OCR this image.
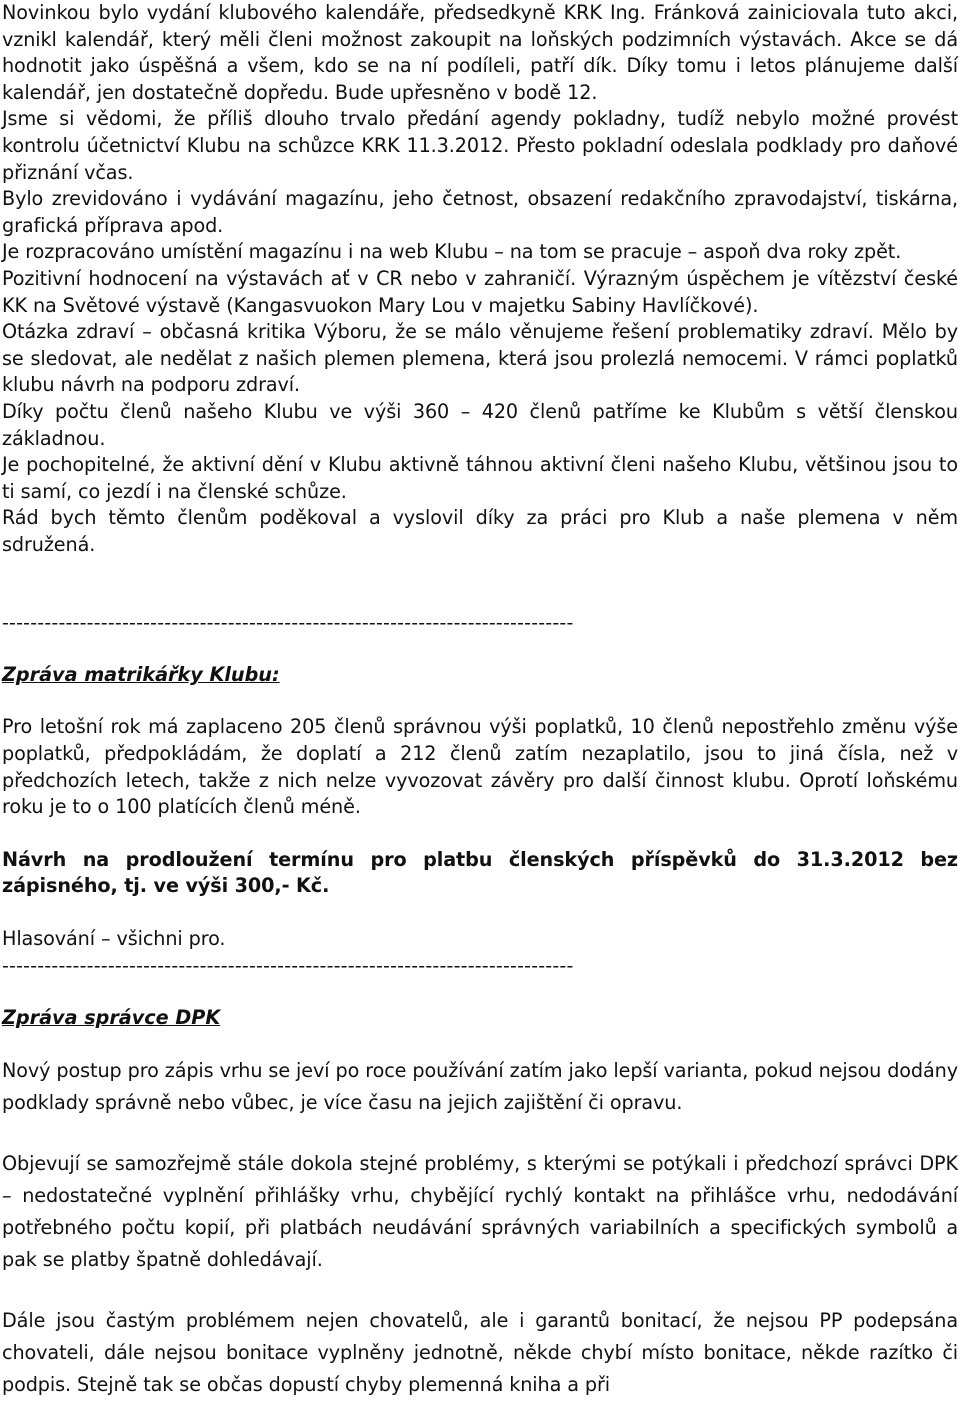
Novinkou bylo vydání klubového kalendáře, předsedkyně KRK Ing. Fránková zainiciovala tuto akci, vznikl kalendář, který měli členi možnost zakoupit na loňských podzimních výstavách. Akce se dá hodnotit jako úspěšná a všem, kdo se na ní podíleli, patří dík. Díky tomu i letos plánujeme další kalendář, jen dostatečně dopředu. Bude upřesněno v bodě 12.

Jsme si vědomi, že příliš dlouho trvalo předání agendy pokladny, tudíž nebylo možné provést kontrolu účetnictví Klubu na schůzce KRK 11.3.2012. Přesto pokladní odeslala podklady pro daňové přiznání včas.

Bylo zrevidováno i vydávání magazínu, jeho četnost, obsazení redakčního zpravodajství, tiskárna, grafická příprava apod.

Je rozpracováno umístění magazínu i na web Klubu – na tom se pracuje – aspoň dva roky zpět.

Pozitivní hodnocení na výstavách ať v CR nebo v zahraničí. Výrazným úspěchem je vítězství české KK na Světové výstavě (Kangasvuokon Mary Lou v majetku Sabiny Havlíčkové).

Otázka zdraví – občasná kritika Výboru, že se málo věnujeme řešení problematiky zdraví. Mělo by se sledovat, ale nedělat z našich plemen plemena, která jsou prolezlá nemocemi. V rámci poplatků klubu návrh na podporu zdraví.

Díky počtu členů našeho Klubu ve výši 360 – 420 členů patříme ke Klubům s větší členskou základnou.

Je pochopitelné, že aktivní dění v Klubu aktivně táhnou aktivní členi našeho Klubu, většinou jsou to ti samí, co jezdí i na členské schůze.

Rád bych těmto členům poděkoval a vyslovil díky za práci pro Klub a naše plemena v něm sdružená.

---------------------------------------------------------------------------------

Zpráva matrikářky Klubu:

Pro letošní rok má zaplaceno 205 členů správnou výši poplatků, 10 členů nepostřehlo změnu výše poplatků, předpokládám, že doplatí a 212 členů zatím nezaplatilo, jsou to jiná čísla, než v předchozích letech, takže z nich nelze vyvozovat závěry pro další činnost klubu. Oprotí loňskému roku je to o 100 platících členů méně.

Návrh na prodloužení termínu pro platbu členských příspěvků do 31.3.2012 bez zápisného, tj. ve výši 300,- Kč.

Hlasování – všichni pro.

---------------------------------------------------------------------------------

Zpráva správce DPK

Nový postup pro zápis vrhu se jeví po roce používání zatím jako lepší varianta, pokud nejsou dodány podklady správně nebo vůbec, je více času na jejich zajištění či opravu.

Objevují se samozřejmě stále dokola stejné problémy, s kterými se potýkali i předchozí správci DPK – nedostatečné vyplnění přihlášky vrhu, chybějící rychlý kontakt na přihlášce vrhu, nedodávání potřebného počtu kopií, při platbách neudávání správných variabilních a specifických symbolů a pak se platby špatně dohledávají.

Dále jsou častým problémem nejen chovatelů, ale i garantů bonitací, že nejsou PP podepsána chovateli, dále nejsou bonitace vyplněny jednotně, někde chybí místo bonitace, někde razítko či podpis. Stejně tak se občas dopustí chyby plemenná kniha a při
